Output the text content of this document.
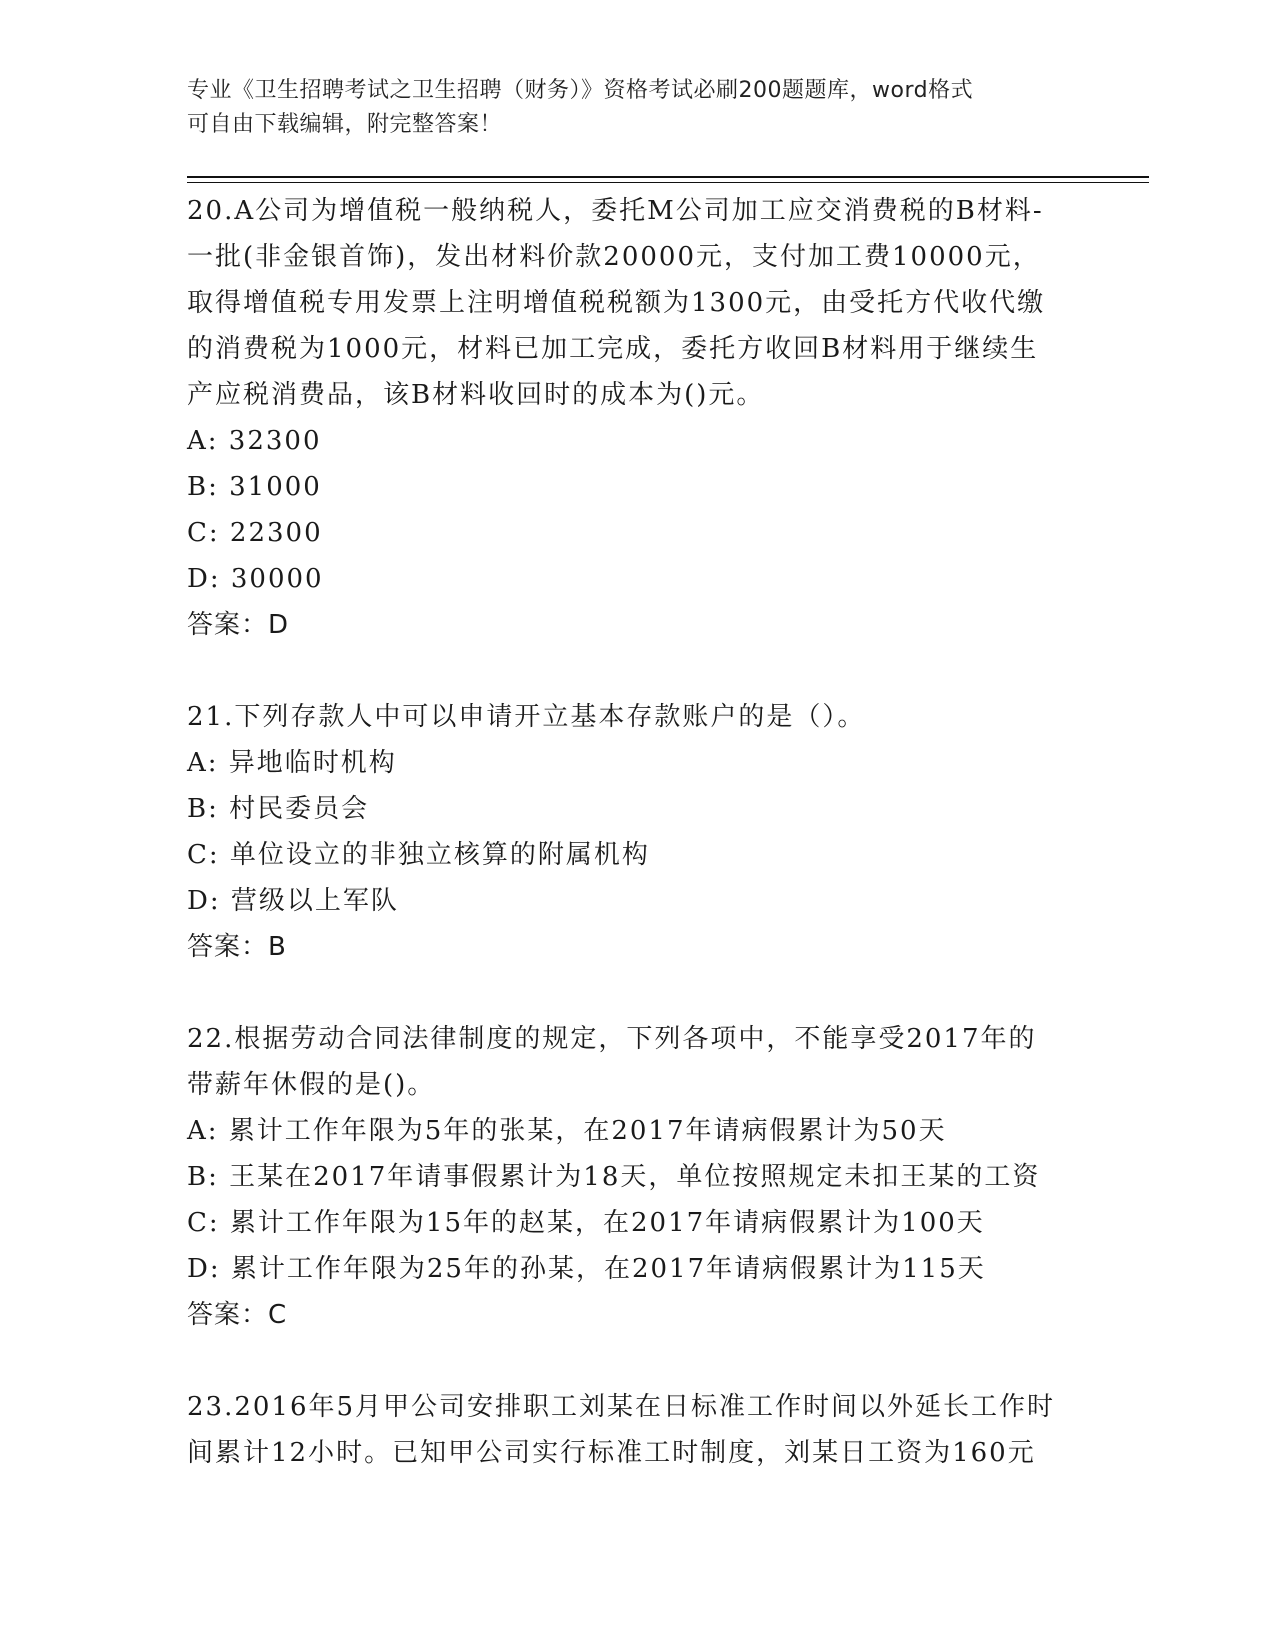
专业《卫生招聘考试之卫生招聘（财务）》资格考试必刷200题题库，word格式
可自由下载编辑，附完整答案！
20.A公司为增值税一般纳税人，委托M公司加工应交消费税的B材料-
一批(非金银首饰)，发出材料价款20000元，支付加工费10000元，
取得增值税专用发票上注明增值税税额为1300元，由受托方代收代缴
的消费税为1000元，材料已加工完成，委托方收回B材料用于继续生
产应税消费品，该B材料收回时的成本为()元。
A: 32300
B: 31000
C: 22300
D: 30000
答案：D
21.下列存款人中可以申请开立基本存款账户的是（）。
A: 异地临时机构
B: 村民委员会
C: 单位设立的非独立核算的附属机构
D: 营级以上军队
答案：B
22.根据劳动合同法律制度的规定，下列各项中，不能享受2017年的
带薪年休假的是()。
A: 累计工作年限为5年的张某，在2017年请病假累计为50天
B: 王某在2017年请事假累计为18天，单位按照规定未扣王某的工资
C: 累计工作年限为15年的赵某，在2017年请病假累计为100天
D: 累计工作年限为25年的孙某，在2017年请病假累计为115天
答案：C
23.2016年5月甲公司安排职工刘某在日标准工作时间以外延长工作时
间累计12小时。已知甲公司实行标准工时制度，刘某日工资为160元
